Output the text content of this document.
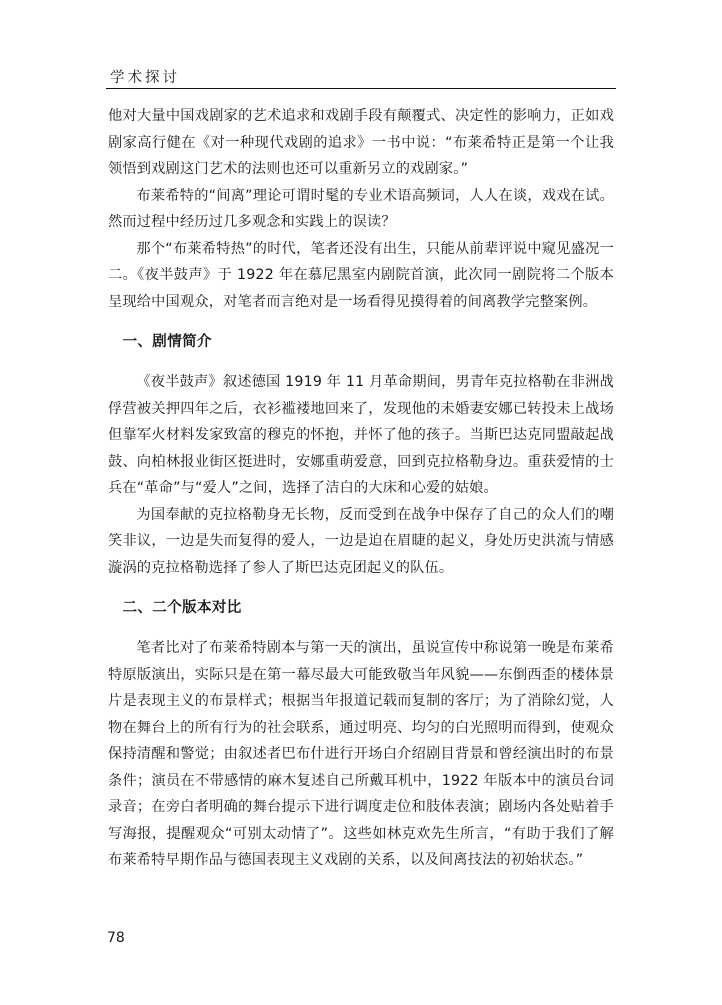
学术探讨

他对大量中国戏剧家的艺术追求和戏剧手段有颠覆式、决定性的影响力，正如戏剧家高行健在《对一种现代戏剧的追求》一书中说：“布莱希特正是第一个让我领悟到戏剧这门艺术的法则也还可以重新另立的戏剧家。”

布莱希特的“间离”理论可谓时髦的专业术语高频词，人人在谈，戏戏在试。然而过程中经历过几多观念和实践上的误读？

那个“布莱希特热”的时代，笔者还没有出生，只能从前辈评说中窥见盛况一二。《夜半鼓声》于 1922 年在慕尼黑室内剧院首演，此次同一剧院将二个版本呈现给中国观众，对笔者而言绝对是一场看得见摸得着的间离教学完整案例。

一、剧情简介

《夜半鼓声》叙述德国 1919 年 11 月革命期间，男青年克拉格勒在非洲战俘营被关押四年之后，衣衫褴褛地回来了，发现他的未婚妻安娜已转投未上战场但靠军火材料发家致富的穆克的怀抱，并怀了他的孩子。当斯巴达克同盟敲起战鼓、向柏林报业街区挺进时，安娜重萌爱意，回到克拉格勒身边。重获爱情的士兵在“革命”与“爱人”之间，选择了洁白的大床和心爱的姑娘。

为国奉献的克拉格勒身无长物，反而受到在战争中保存了自己的众人们的嘲笑非议，一边是失而复得的爱人，一边是迫在眉睫的起义，身处历史洪流与情感漩涡的克拉格勒选择了参人了斯巴达克团起义的队伍。

二、二个版本对比

笔者比对了布莱希特剧本与第一天的演出，虽说宣传中称说第一晚是布莱希特原版演出，实际只是在第一幕尽最大可能致敬当年风貌——东倒西歪的楼体景片是表现主义的布景样式；根据当年报道记载而复制的客厅；为了消除幻觉，人物在舞台上的所有行为的社会联系，通过明亮、均匀的白光照明而得到，使观众保持清醒和警觉；由叙述者巴布什进行开场白介绍剧目背景和曾经演出时的布景条件；演员在不带感情的麻木复述自己所戴耳机中，1922 年版本中的演员台词录音；在旁白者明确的舞台提示下进行调度走位和肢体表演；剧场内各处贴着手写海报，提醒观众“可别太动情了”。这些如林克欢先生所言，“有助于我们了解布莱希特早期作品与德国表现主义戏剧的关系，以及间离技法的初始状态。”

78
